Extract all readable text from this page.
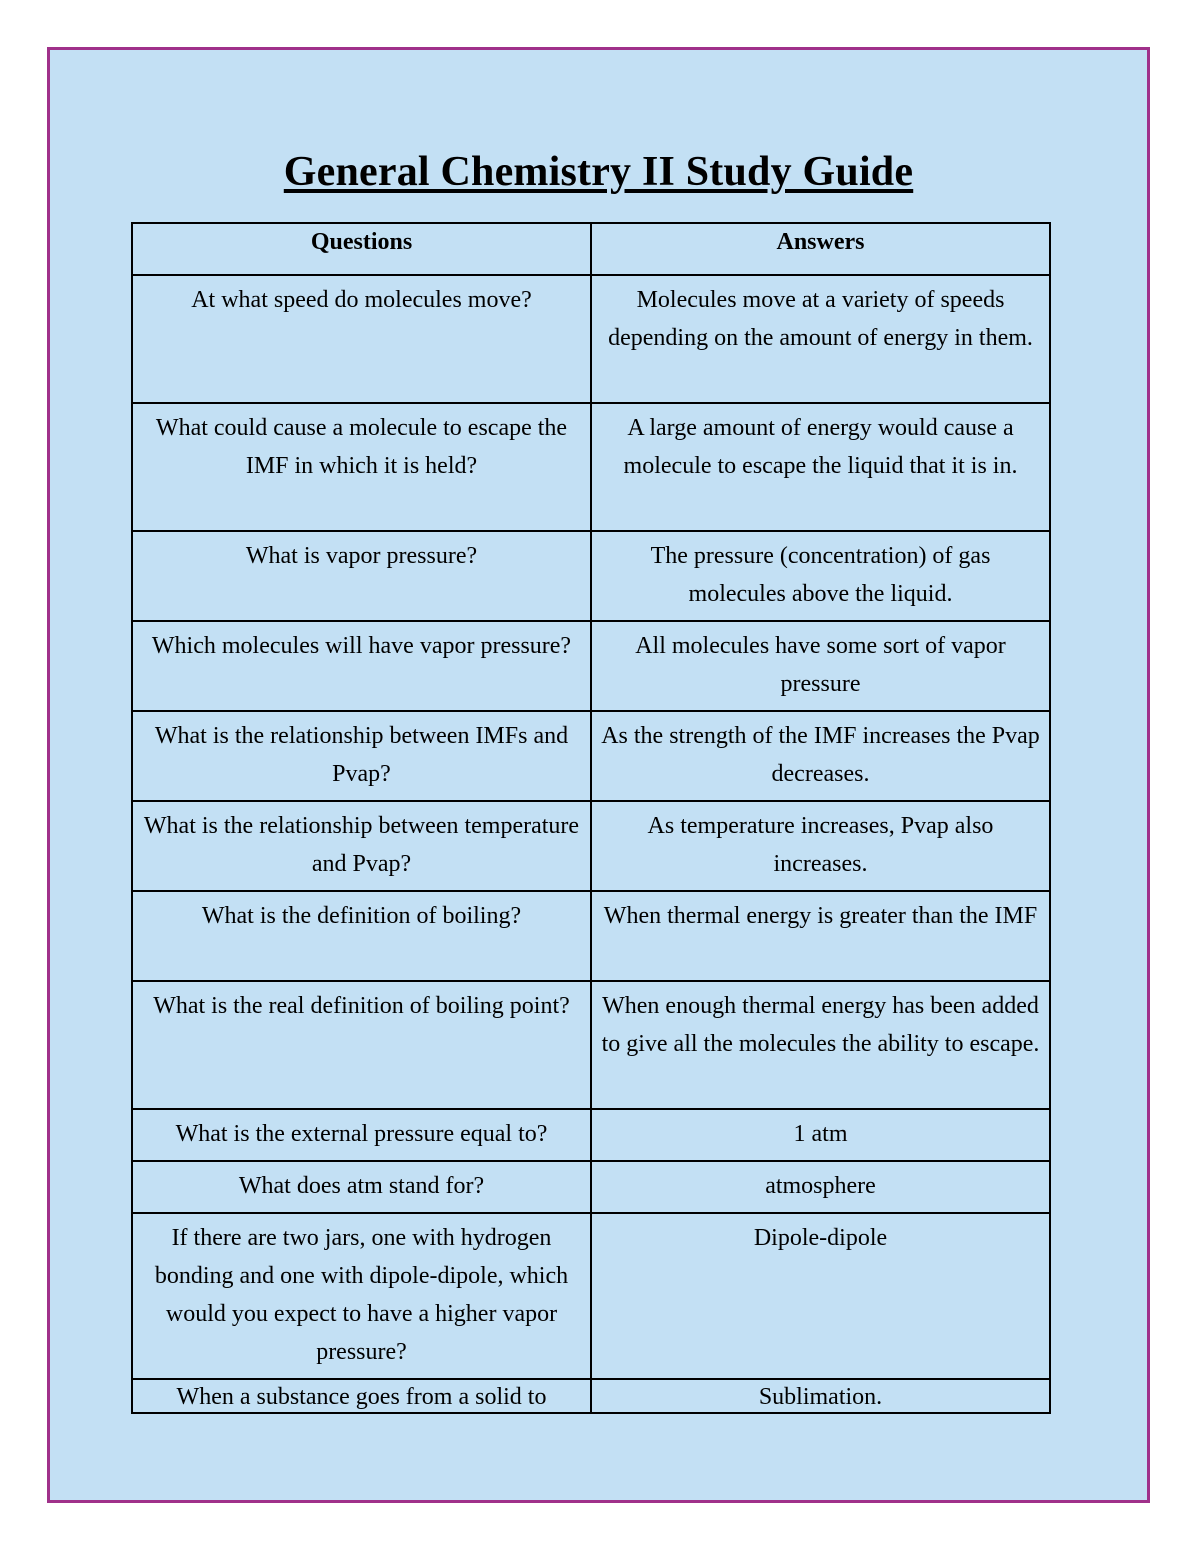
General Chemistry II Study Guide
Questions	Answers

At what speed do molecules move?	Molecules move at a variety of speeds depending on the amount of energy in them.

What could cause a molecule to escape the IMF in which it is held?	A large amount of energy would cause a molecule to escape the liquid that it is in.

What is vapor pressure?	The pressure (concentration) of gas molecules above the liquid.

Which molecules will have vapor pressure?	All molecules have some sort of vapor pressure

What is the relationship between IMFs and Pvap?	As the strength of the IMF increases the Pvap decreases.

What is the relationship between temperature and Pvap?	As temperature increases, Pvap also increases.

What is the definition of boiling?	When thermal energy is greater than the IMF

What is the real definition of boiling point?	When enough thermal energy has been added to give all the molecules the ability to escape.

What is the external pressure equal to?	1 atm

What does atm stand for?	atmosphere

If there are two jars, one with hydrogen bonding and one with dipole-dipole, which would you expect to have a higher vapor pressure?	Dipole-dipole

When a substance goes from a solid to	Sublimation.
